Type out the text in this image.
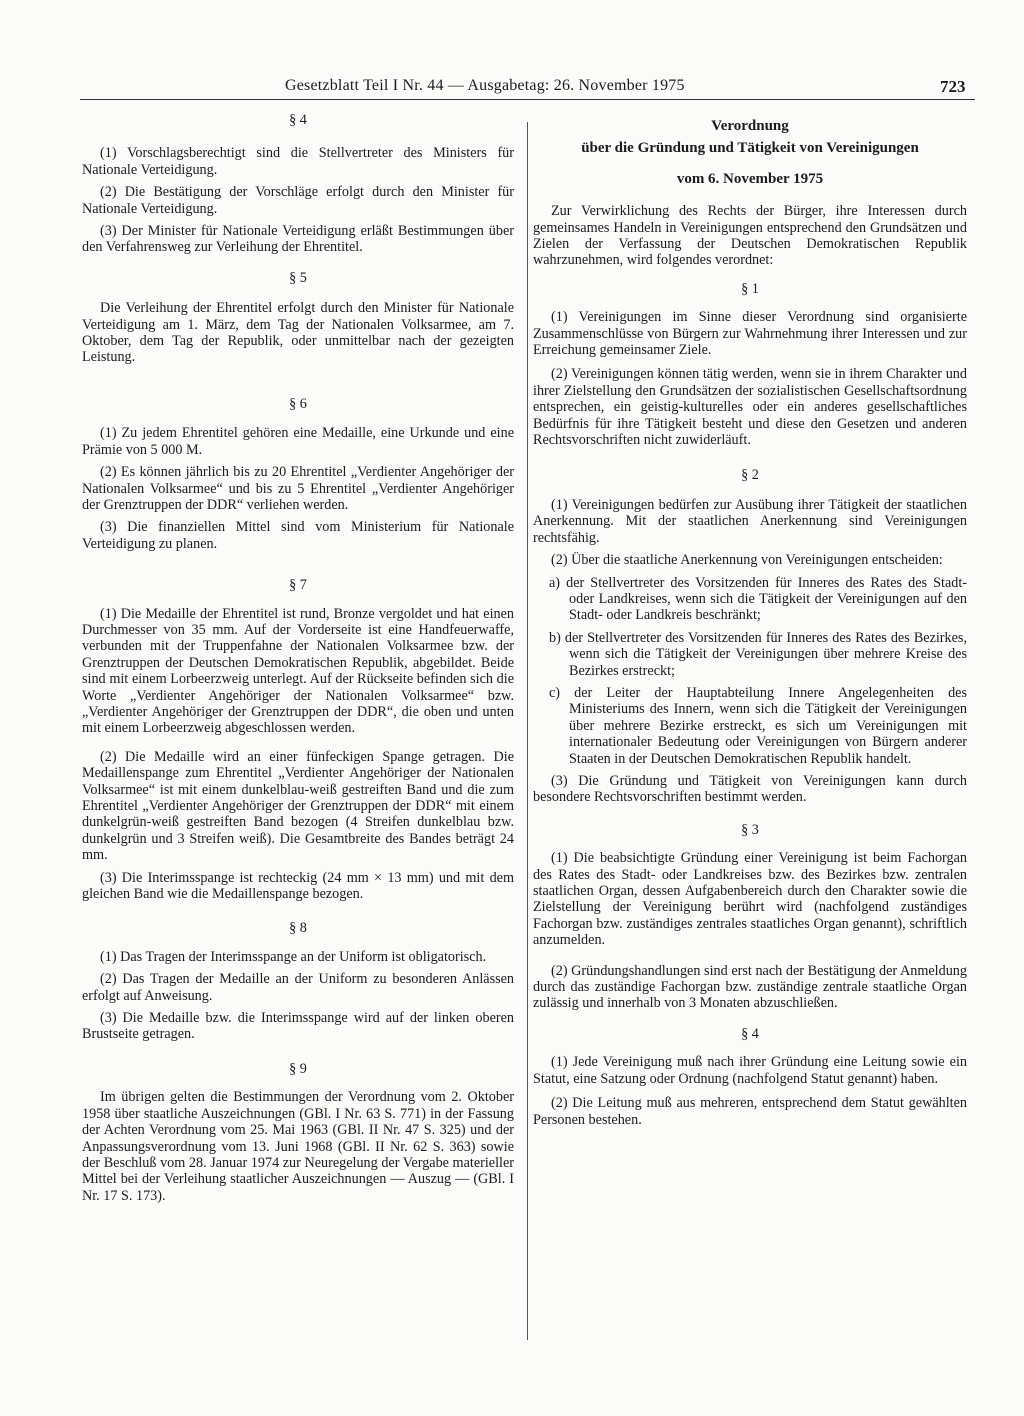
Gesetzblatt Teil I Nr. 44 — Ausgabetag: 26. November 1975	723

§ 4

(1) Vorschlagsberechtigt sind die Stellvertreter des Ministers für Nationale Verteidigung.

(2) Die Bestätigung der Vorschläge erfolgt durch den Minister für Nationale Verteidigung.

(3) Der Minister für Nationale Verteidigung erläßt Bestimmungen über den Verfahrensweg zur Verleihung der Ehrentitel.

§ 5

Die Verleihung der Ehrentitel erfolgt durch den Minister für Nationale Verteidigung am 1. März, dem Tag der Nationalen Volksarmee, am 7. Oktober, dem Tag der Republik, oder unmittelbar nach der gezeigten Leistung.

§ 6

(1) Zu jedem Ehrentitel gehören eine Medaille, eine Urkunde und eine Prämie von 5 000 M.

(2) Es können jährlich bis zu 20 Ehrentitel „Verdienter Angehöriger der Nationalen Volksarmee“ und bis zu 5 Ehrentitel „Verdienter Angehöriger der Grenztruppen der DDR“ verliehen werden.

(3) Die finanziellen Mittel sind vom Ministerium für Nationale Verteidigung zu planen.

§ 7

(1) Die Medaille der Ehrentitel ist rund, Bronze vergoldet und hat einen Durchmesser von 35 mm. Auf der Vorderseite ist eine Handfeuerwaffe, verbunden mit der Truppenfahne der Nationalen Volksarmee bzw. der Grenztruppen der Deutschen Demokratischen Republik, abgebildet. Beide sind mit einem Lorbeerzweig unterlegt. Auf der Rückseite befinden sich die Worte „Verdienter Angehöriger der Nationalen Volksarmee“ bzw. „Verdienter Angehöriger der Grenztruppen der DDR“, die oben und unten mit einem Lorbeerzweig abgeschlossen werden.

(2) Die Medaille wird an einer fünfeckigen Spange getragen. Die Medaillenspange zum Ehrentitel „Verdienter Angehöriger der Nationalen Volksarmee“ ist mit einem dunkelblau-weiß gestreiften Band und die zum Ehrentitel „Verdienter Angehöriger der Grenztruppen der DDR“ mit einem dunkelgrün-weiß gestreiften Band bezogen (4 Streifen dunkelblau bzw. dunkelgrün und 3 Streifen weiß). Die Gesamtbreite des Bandes beträgt 24 mm.

(3) Die Interimsspange ist rechteckig (24 mm × 13 mm) und mit dem gleichen Band wie die Medaillenspange bezogen.

§ 8

(1) Das Tragen der Interimsspange an der Uniform ist obligatorisch.

(2) Das Tragen der Medaille an der Uniform zu besonderen Anlässen erfolgt auf Anweisung.

(3) Die Medaille bzw. die Interimsspange wird auf der linken oberen Brustseite getragen.

§ 9

Im übrigen gelten die Bestimmungen der Verordnung vom 2. Oktober 1958 über staatliche Auszeichnungen (GBl. I Nr. 63 S. 771) in der Fassung der Achten Verordnung vom 25. Mai 1963 (GBl. II Nr. 47 S. 325) und der Anpassungsverordnung vom 13. Juni 1968 (GBl. II Nr. 62 S. 363) sowie der Beschluß vom 28. Januar 1974 zur Neuregelung der Vergabe materieller Mittel bei der Verleihung staatlicher Auszeichnungen — Auszug — (GBl. I Nr. 17 S. 173).

Verordnung

über die Gründung und Tätigkeit von Vereinigungen

vom 6. November 1975

Zur Verwirklichung des Rechts der Bürger, ihre Interessen durch gemeinsames Handeln in Vereinigungen entsprechend den Grundsätzen und Zielen der Verfassung der Deutschen Demokratischen Republik wahrzunehmen, wird folgendes verordnet:

§ 1

(1) Vereinigungen im Sinne dieser Verordnung sind organisierte Zusammenschlüsse von Bürgern zur Wahrnehmung ihrer Interessen und zur Erreichung gemeinsamer Ziele.

(2) Vereinigungen können tätig werden, wenn sie in ihrem Charakter und ihrer Zielstellung den Grundsätzen der sozialistischen Gesellschaftsordnung entsprechen, ein geistig-kulturelles oder ein anderes gesellschaftliches Bedürfnis für ihre Tätigkeit besteht und diese den Gesetzen und anderen Rechtsvorschriften nicht zuwiderläuft.

§ 2

(1) Vereinigungen bedürfen zur Ausübung ihrer Tätigkeit der staatlichen Anerkennung. Mit der staatlichen Anerkennung sind Vereinigungen rechtsfähig.

(2) Über die staatliche Anerkennung von Vereinigungen entscheiden:

a) der Stellvertreter des Vorsitzenden für Inneres des Rates des Stadt- oder Landkreises, wenn sich die Tätigkeit der Vereinigungen auf den Stadt- oder Landkreis beschränkt;

b) der Stellvertreter des Vorsitzenden für Inneres des Rates des Bezirkes, wenn sich die Tätigkeit der Vereinigungen über mehrere Kreise des Bezirkes erstreckt;

c) der Leiter der Hauptabteilung Innere Angelegenheiten des Ministeriums des Innern, wenn sich die Tätigkeit der Vereinigungen über mehrere Bezirke erstreckt, es sich um Vereinigungen mit internationaler Bedeutung oder Vereinigungen von Bürgern anderer Staaten in der Deutschen Demokratischen Republik handelt.

(3) Die Gründung und Tätigkeit von Vereinigungen kann durch besondere Rechtsvorschriften bestimmt werden.

§ 3

(1) Die beabsichtigte Gründung einer Vereinigung ist beim Fachorgan des Rates des Stadt- oder Landkreises bzw. des Bezirkes bzw. zentralen staatlichen Organ, dessen Aufgabenbereich durch den Charakter sowie die Zielstellung der Vereinigung berührt wird (nachfolgend zuständiges Fachorgan bzw. zuständiges zentrales staatliches Organ genannt), schriftlich anzumelden.

(2) Gründungshandlungen sind erst nach der Bestätigung der Anmeldung durch das zuständige Fachorgan bzw. zuständige zentrale staatliche Organ zulässig und innerhalb von 3 Monaten abzuschließen.

§ 4

(1) Jede Vereinigung muß nach ihrer Gründung eine Leitung sowie ein Statut, eine Satzung oder Ordnung (nachfolgend Statut genannt) haben.

(2) Die Leitung muß aus mehreren, entsprechend dem Statut gewählten Personen bestehen.
